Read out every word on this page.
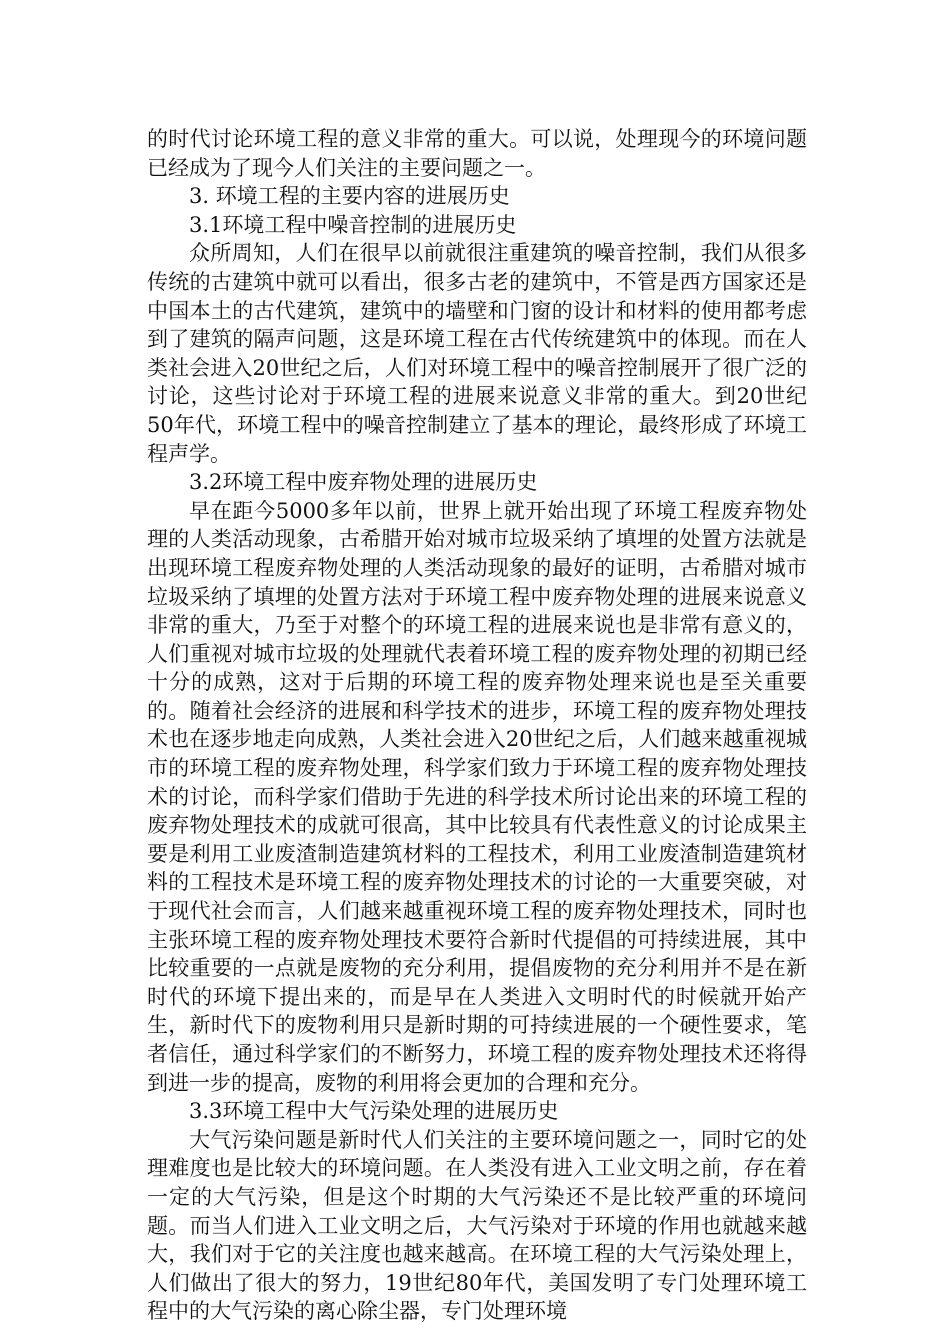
的时代讨论环境工程的意义非常的重大。可以说，处理现今的环境问题已经成为了现今人们关注的主要问题之一。

3. 环境工程的主要内容的进展历史

3.1环境工程中噪音控制的进展历史

众所周知，人们在很早以前就很注重建筑的噪音控制，我们从很多传统的古建筑中就可以看出，很多古老的建筑中，不管是西方国家还是中国本土的古代建筑，建筑中的墙壁和门窗的设计和材料的使用都考虑到了建筑的隔声问题，这是环境工程在古代传统建筑中的体现。而在人类社会进入20世纪之后，人们对环境工程中的噪音控制展开了很广泛的讨论，这些讨论对于环境工程的进展来说意义非常的重大。到20世纪50年代，环境工程中的噪音控制建立了基本的理论，最终形成了环境工程声学。

3.2环境工程中废弃物处理的进展历史

早在距今5000多年以前，世界上就开始出现了环境工程废弃物处理的人类活动现象，古希腊开始对城市垃圾采纳了填埋的处置方法就是出现环境工程废弃物处理的人类活动现象的最好的证明，古希腊对城市垃圾采纳了填埋的处置方法对于环境工程中废弃物处理的进展来说意义非常的重大，乃至于对整个的环境工程的进展来说也是非常有意义的，人们重视对城市垃圾的处理就代表着环境工程的废弃物处理的初期已经十分的成熟，这对于后期的环境工程的废弃物处理来说也是至关重要的。随着社会经济的进展和科学技术的进步，环境工程的废弃物处理技术也在逐步地走向成熟，人类社会进入20世纪之后，人们越来越重视城市的环境工程的废弃物处理，科学家们致力于环境工程的废弃物处理技术的讨论，而科学家们借助于先进的科学技术所讨论出来的环境工程的废弃物处理技术的成就可很高，其中比较具有代表性意义的讨论成果主要是利用工业废渣制造建筑材料的工程技术，利用工业废渣制造建筑材料的工程技术是环境工程的废弃物处理技术的讨论的一大重要突破，对于现代社会而言，人们越来越重视环境工程的废弃物处理技术，同时也主张环境工程的废弃物处理技术要符合新时代提倡的可持续进展，其中比较重要的一点就是废物的充分利用，提倡废物的充分利用并不是在新时代的环境下提出来的，而是早在人类进入文明时代的时候就开始产生，新时代下的废物利用只是新时期的可持续进展的一个硬性要求，笔者信任，通过科学家们的不断努力，环境工程的废弃物处理技术还将得到进一步的提高，废物的利用将会更加的合理和充分。

3.3环境工程中大气污染处理的进展历史

大气污染问题是新时代人们关注的主要环境问题之一，同时它的处理难度也是比较大的环境问题。在人类没有进入工业文明之前，存在着一定的大气污染，但是这个时期的大气污染还不是比较严重的环境问题。而当人们进入工业文明之后，大气污染对于环境的作用也就越来越大，我们对于它的关注度也越来越高。在环境工程的大气污染处理上，人们做出了很大的努力，19世纪80年代，美国发明了专门处理环境工程中的大气污染的离心除尘器，专门处理环境
